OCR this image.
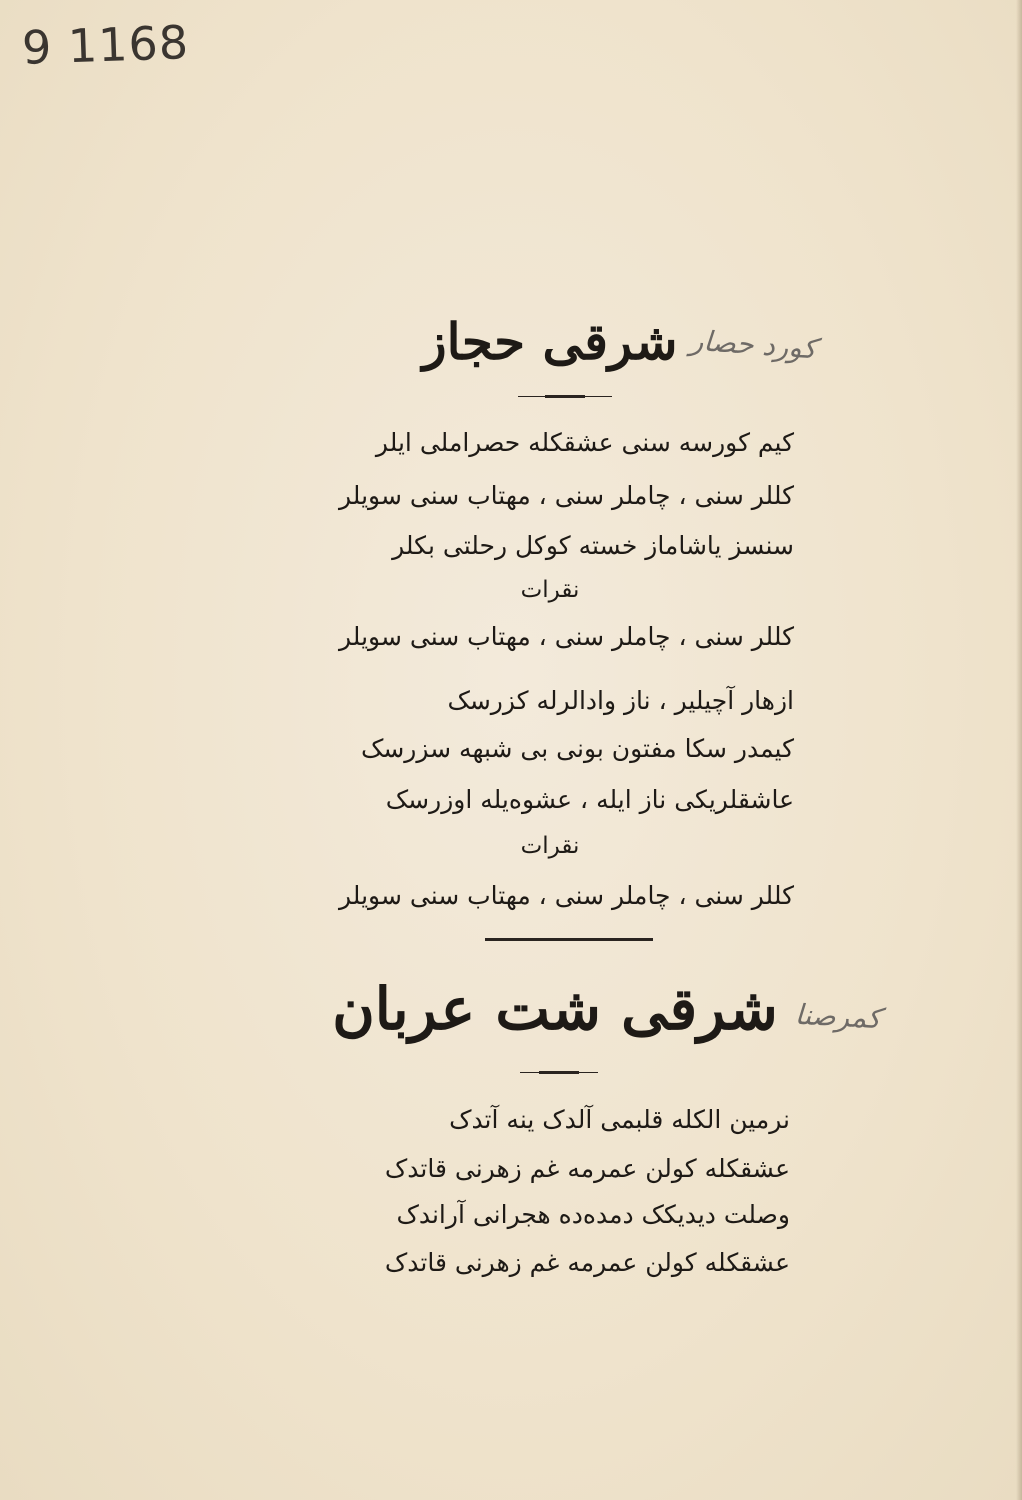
9 1168
شرقی حجاز کورد حصار
کیم کورسه سنی عشقکله حصراملی ایلر
کللر سنی ، چاملر سنی ، مهتاب سنی سویلر
سنسز یاشاماز خسته کوکل رحلتی بکلر
نقرات
کللر سنی ، چاملر سنی ، مهتاب سنی سویلر
ازهار آچیلیر ، ناز وادالرله کزرسک
کیمدر سکا مفتون بونی بی شبهه سزرسک
عاشقلریکی ناز ایله ، عشوه‌یله اوزرسک
نقرات
کللر سنی ، چاملر سنی ، مهتاب سنی سویلر
شرقی شت عربان کمرصنا
نرمین الکله قلبمی آلدک ینه آتدک
عشقکله کولن عمرمه غم زهرنی قاتدک
وصلت دیدیکک دمده‌ده هجرانی آراندک
عشقکله کولن عمرمه غم زهرنی قاتدک
